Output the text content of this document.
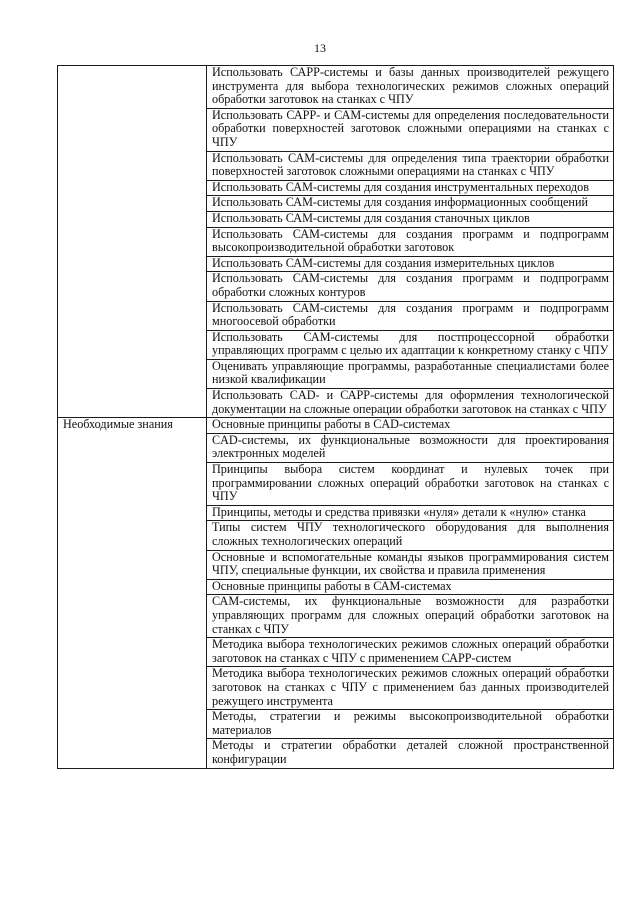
13
	Использовать САРР-системы и базы данных производителей режущего инструмента для выбора технологических режимов сложных операций обработки заготовок на станках с ЧПУ
	Использовать САРР- и САМ-системы для определения последовательности обработки поверхностей заготовок сложными операциями на станках с ЧПУ
	Использовать САМ-системы для определения типа траектории обработки поверхностей заготовок сложными операциями на станках с ЧПУ
	Использовать САМ-системы для создания инструментальных переходов
	Использовать САМ-системы для создания информационных сообщений
	Использовать САМ-системы для создания станочных циклов
	Использовать САМ-системы для создания программ и подпрограмм высокопроизводительной обработки заготовок
	Использовать САМ-системы для создания измерительных циклов
	Использовать САМ-системы для создания программ и подпрограмм обработки сложных контуров
	Использовать САМ-системы для создания программ и подпрограмм многоосевой обработки
	Использовать САМ-системы для постпроцессорной обработки управляющих программ с целью их адаптации к конкретному станку с ЧПУ
	Оценивать управляющие программы, разработанные специалистами более низкой квалификации
	Использовать CAD- и САРР-системы для оформления технологической документации на сложные операции обработки заготовок на станках с ЧПУ

Необходимые знания	Основные принципы работы в CAD-системах
	CAD-системы, их функциональные возможности для проектирования электронных моделей
	Принципы выбора систем координат и нулевых точек при программировании сложных операций обработки заготовок на станках с ЧПУ
	Принципы, методы и средства привязки «нуля» детали к «нулю» станка
	Типы систем ЧПУ технологического оборудования для выполнения сложных технологических операций
	Основные и вспомогательные команды языков программирования систем ЧПУ, специальные функции, их свойства и правила применения
	Основные принципы работы в САМ-системах
	САМ-системы, их функциональные возможности для разработки управляющих программ для сложных операций обработки заготовок на станках с ЧПУ
	Методика выбора технологических режимов сложных операций обработки заготовок на станках с ЧПУ с применением САРР-систем
	Методика выбора технологических режимов сложных операций обработки заготовок на станках с ЧПУ с применением баз данных производителей режущего инструмента
	Методы, стратегии и режимы высокопроизводительной обработки материалов
	Методы и стратегии обработки деталей сложной пространственной конфигурации
